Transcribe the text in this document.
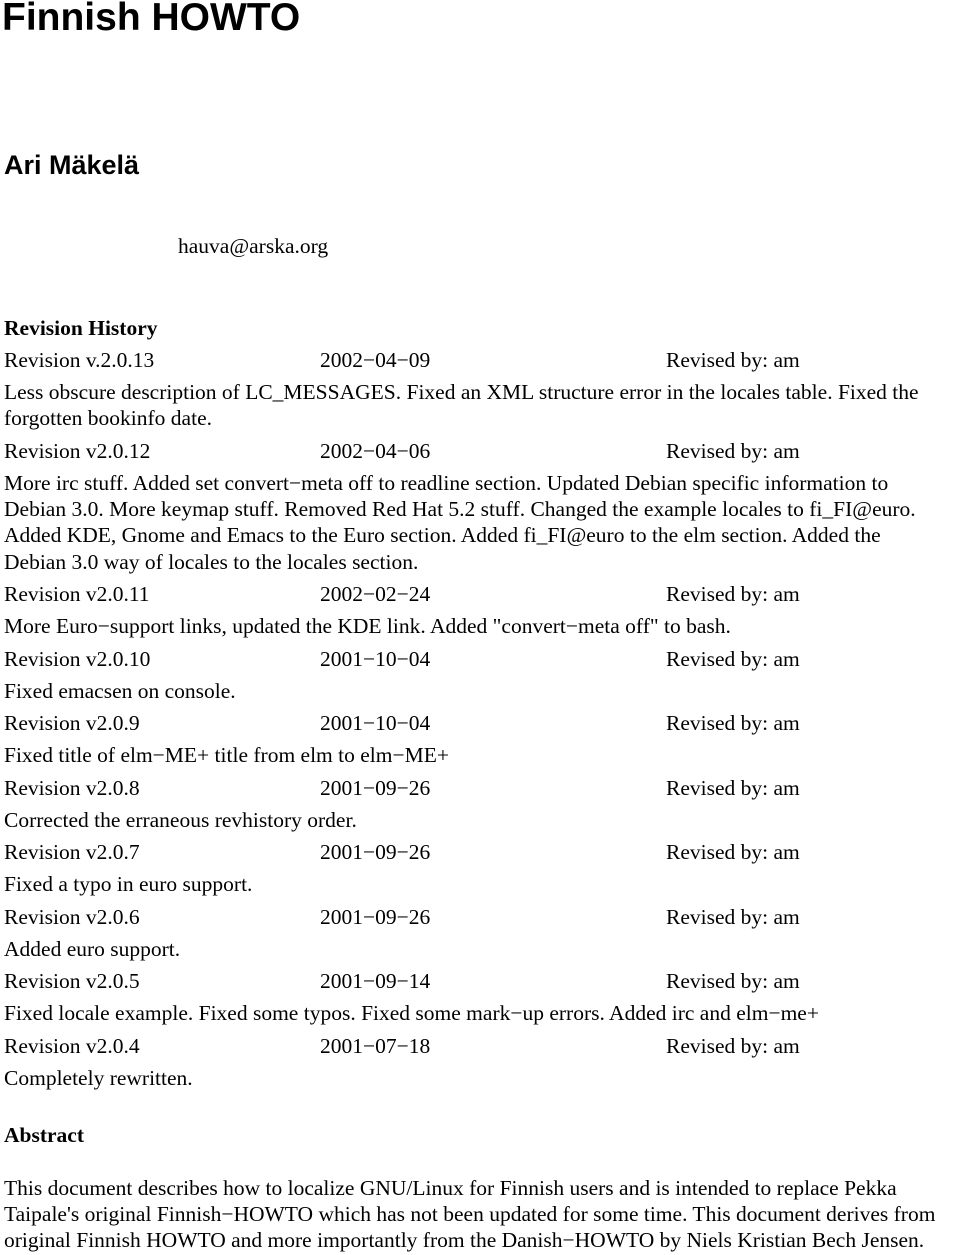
Finnish HOWTO
Ari Mäkelä
hauva@arska.org
Revision History
Revision v.2.0.13	2002−04−09	Revised by: am
Less obscure description of LC_MESSAGES. Fixed an XML structure error in the locales table. Fixed the
forgotten bookinfo date.
Revision v2.0.12	2002−04−06	Revised by: am
More irc stuff. Added set convert−meta off to readline section. Updated Debian specific information to
Debian 3.0. More keymap stuff. Removed Red Hat 5.2 stuff. Changed the example locales to fi_FI@euro.
Added KDE, Gnome and Emacs to the Euro section. Added fi_FI@euro to the elm section. Added the
Debian 3.0 way of locales to the locales section.
Revision v2.0.11	2002−02−24	Revised by: am
More Euro−support links, updated the KDE link. Added "convert−meta off" to bash.
Revision v2.0.10	2001−10−04	Revised by: am
Fixed emacsen on console.
Revision v2.0.9	2001−10−04	Revised by: am
Fixed title of elm−ME+ title from elm to elm−ME+
Revision v2.0.8	2001−09−26	Revised by: am
Corrected the erraneous revhistory order.
Revision v2.0.7	2001−09−26	Revised by: am
Fixed a typo in euro support.
Revision v2.0.6	2001−09−26	Revised by: am
Added euro support.
Revision v2.0.5	2001−09−14	Revised by: am
Fixed locale example. Fixed some typos. Fixed some mark−up errors. Added irc and elm−me+
Revision v2.0.4	2001−07−18	Revised by: am
Completely rewritten.
Abstract
This document describes how to localize GNU/Linux for Finnish users and is intended to replace Pekka
Taipale's original Finnish−HOWTO which has not been updated for some time. This document derives from
original Finnish HOWTO and more importantly from the Danish−HOWTO by Niels Kristian Bech Jensen.
